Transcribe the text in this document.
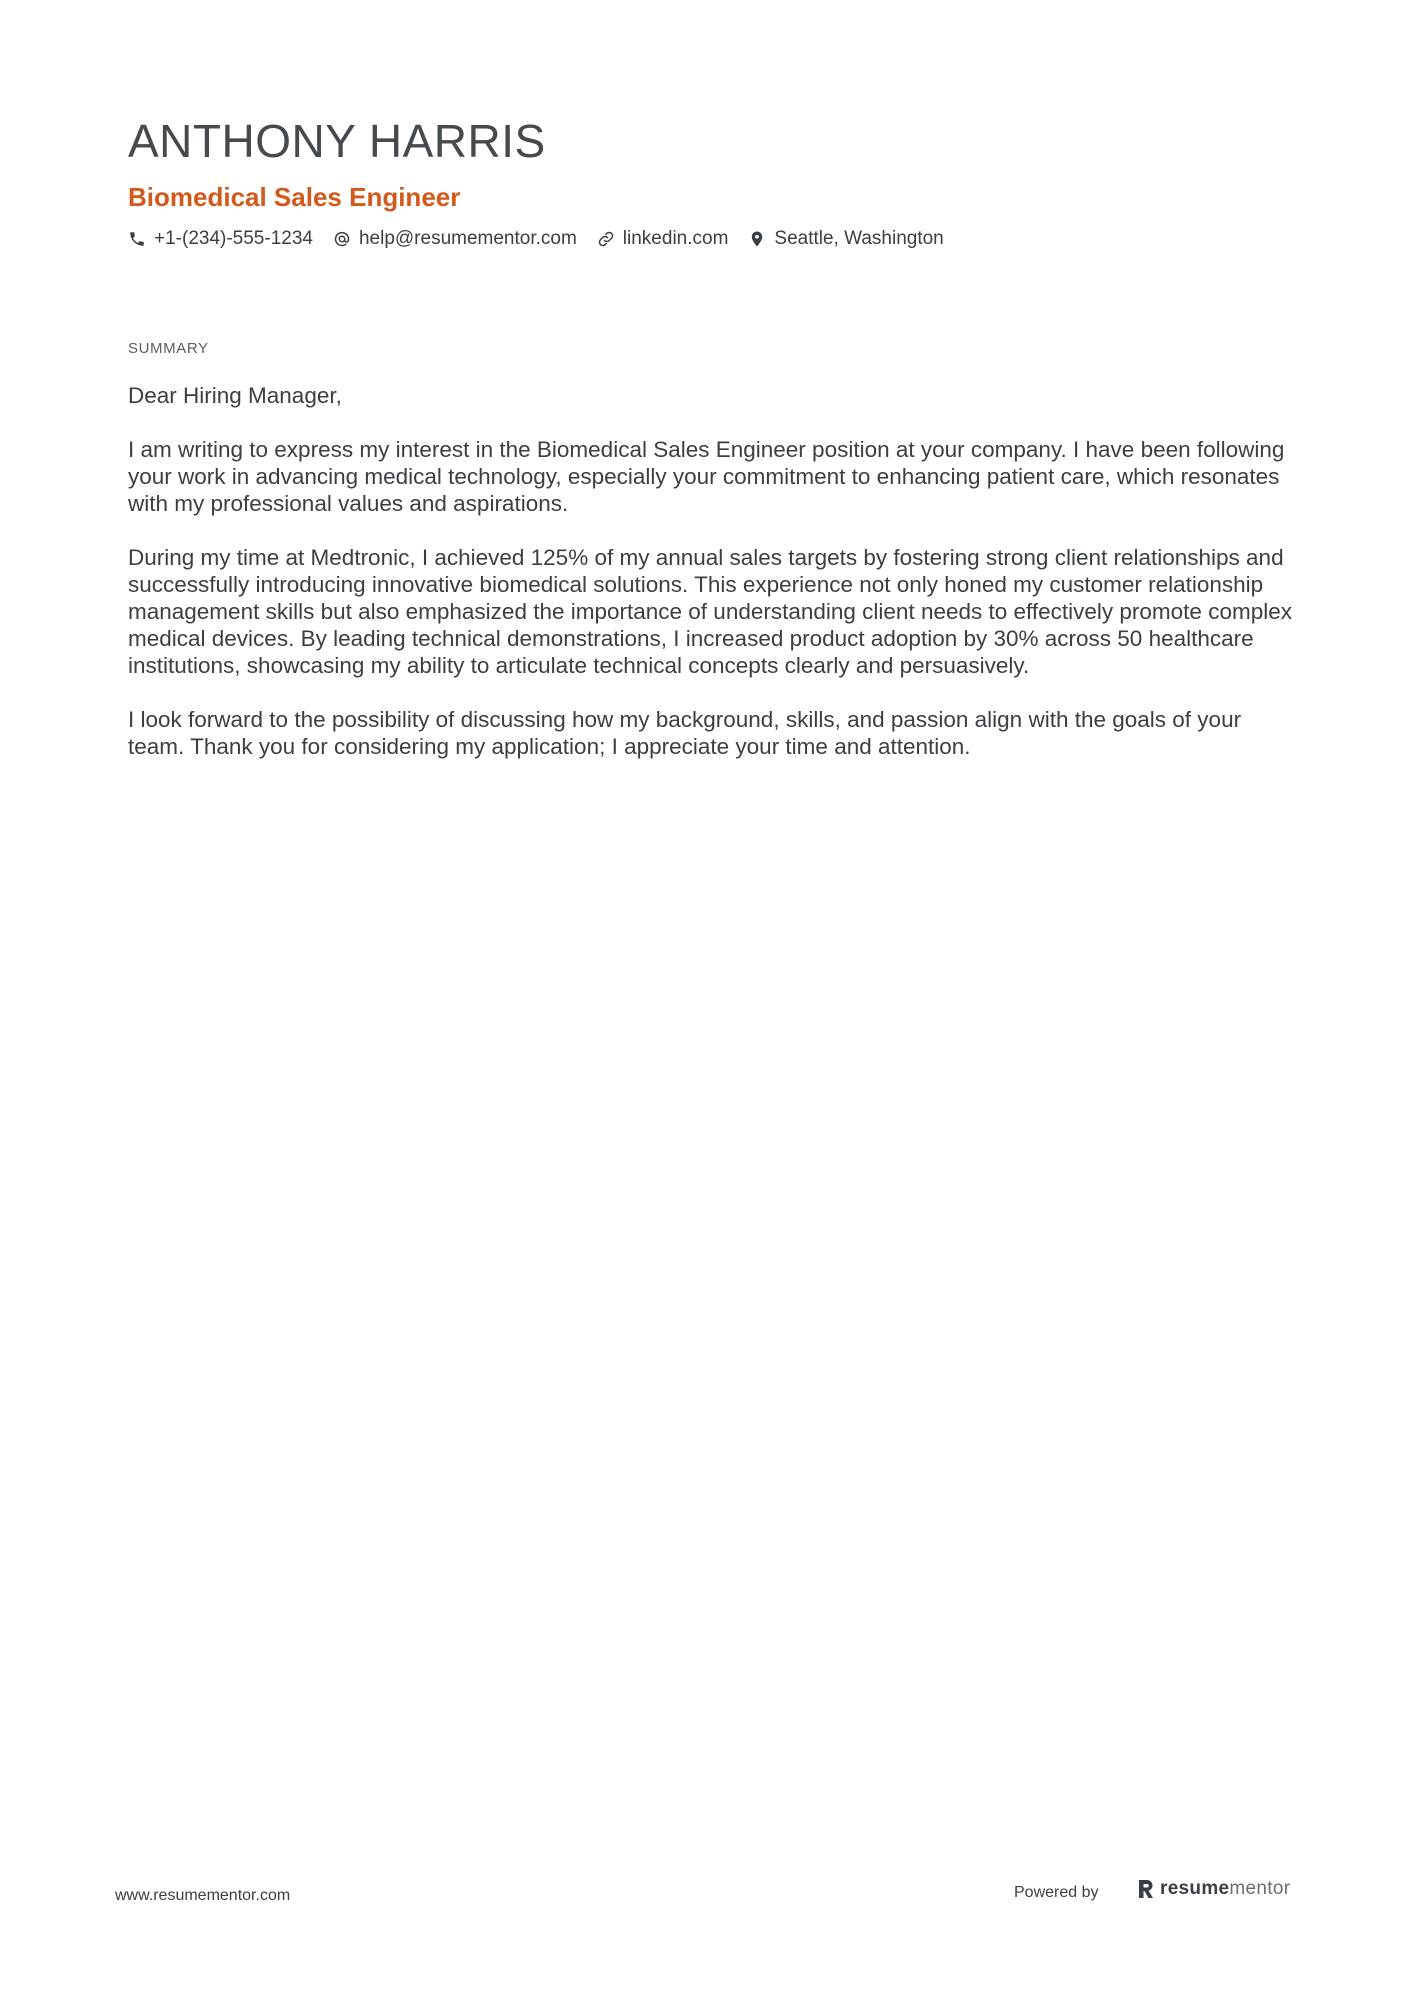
ANTHONY HARRIS
Biomedical Sales Engineer
+1-(234)-555-1234 help@resumementor.com linkedin.com Seattle, Washington
SUMMARY

Dear Hiring Manager,

I am writing to express my interest in the Biomedical Sales Engineer position at your company. I have been following your work in advancing medical technology, especially your commitment to enhancing patient care, which resonates with my professional values and aspirations.

During my time at Medtronic, I achieved 125% of my annual sales targets by fostering strong client relationships and successfully introducing innovative biomedical solutions. This experience not only honed my customer relationship management skills but also emphasized the importance of understanding client needs to effectively promote complex medical devices. By leading technical demonstrations, I increased product adoption by 30% across 50 healthcare institutions, showcasing my ability to articulate technical concepts clearly and persuasively.

I look forward to the possibility of discussing how my background, skills, and passion align with the goals of your team. Thank you for considering my application; I appreciate your time and attention.

www.resumementor.com	Powered by	resume mentor
